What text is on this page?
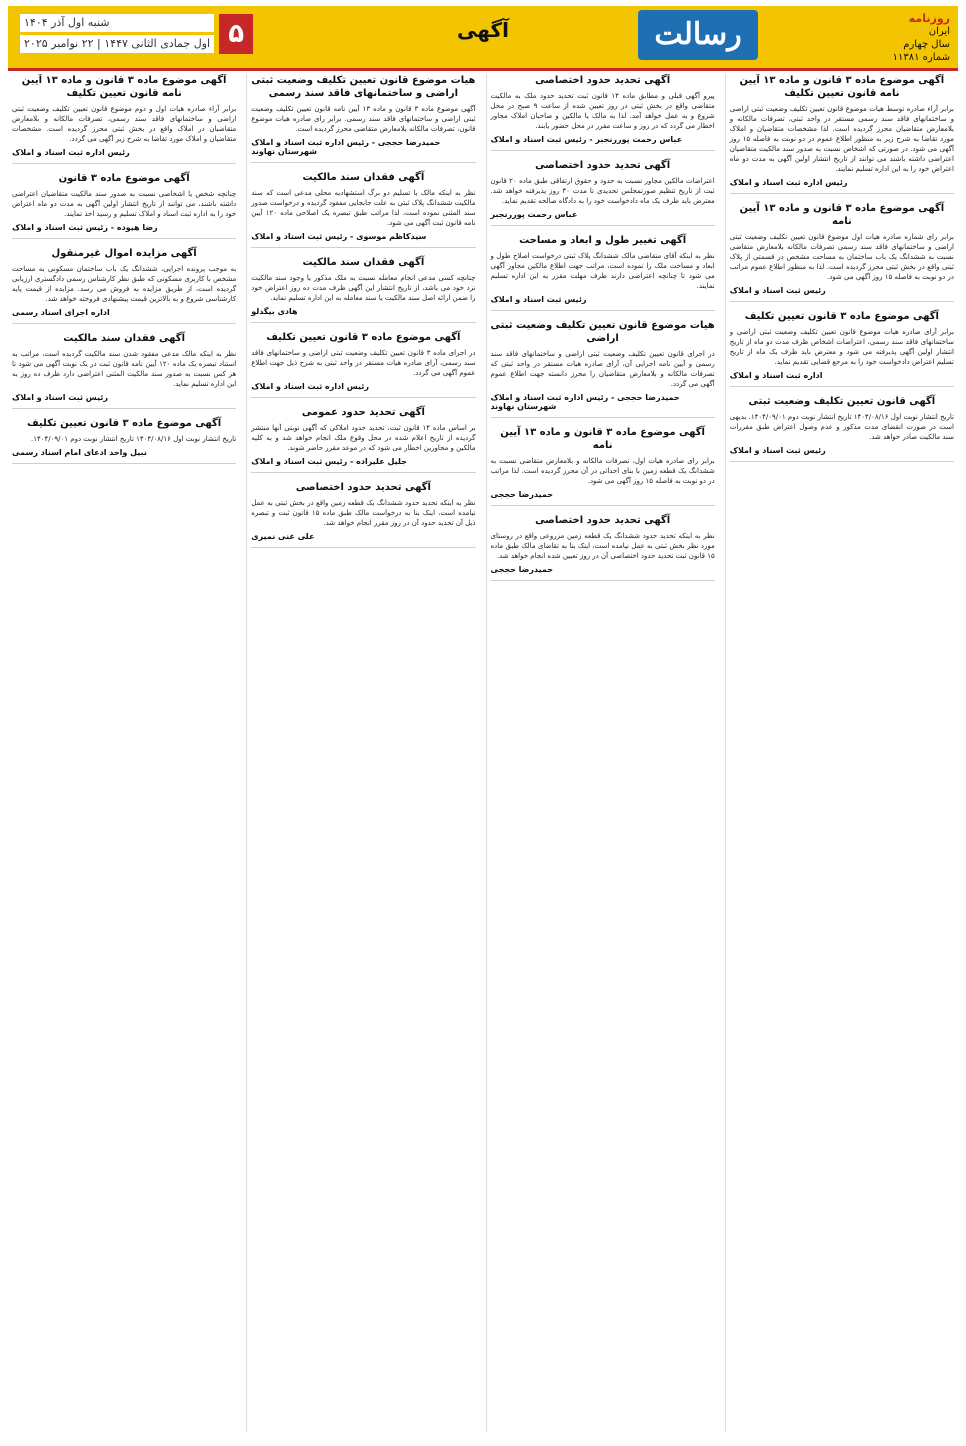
روزنامه
ایران
سال چهارم
شماره ۱۱۳۸۱
رسالت
آگهی
۵
شنبه اول آذر ۱۴۰۴
اول جمادی الثانی ۱۴۴۷ | ۲۲ نوامبر ۲۰۲۵
آگهی موضوع ماده ۳ قانون و ماده ۱۳ آیین نامه قانون تعیین تکلیف

برابر آراء صادره توسط هیات موضوع قانون تعیین تکلیف وضعیت ثبتی اراضی و ساختمانهای فاقد سند رسمی مستقر در واحد ثبتی، تصرفات مالکانه و بلامعارض متقاضیان محرز گردیده است. لذا مشخصات متقاضیان و املاک مورد تقاضا به شرح زیر به منظور اطلاع عموم در دو نوبت به فاصله ۱۵ روز آگهی می شود. در صورتی که اشخاص نسبت به صدور سند مالکیت متقاضیان اعتراضی داشته باشند می توانند از تاریخ انتشار اولین آگهی به مدت دو ماه اعتراض خود را به این اداره تسلیم نمایند.

رئیس اداره ثبت اسناد و املاک
آگهی موضوع ماده ۳ قانون و ماده ۱۳ آیین نامه

برابر رای شماره صادره هیات اول موضوع قانون تعیین تکلیف وضعیت ثبتی اراضی و ساختمانهای فاقد سند رسمی تصرفات مالکانه بلامعارض متقاضی نسبت به ششدانگ یک باب ساختمان به مساحت مشخص در قسمتی از پلاک ثبتی واقع در بخش ثبتی محرز گردیده است. لذا به منظور اطلاع عموم مراتب در دو نوبت به فاصله ۱۵ روز آگهی می شود.

رئیس ثبت اسناد و املاک
آگهی موضوع ماده ۳ قانون تعیین تکلیف

برابر آرای صادره هیات موضوع قانون تعیین تکلیف وضعیت ثبتی اراضی و ساختمانهای فاقد سند رسمی، اعتراضات اشخاص ظرف مدت دو ماه از تاریخ انتشار اولین آگهی پذیرفته می شود و معترض باید ظرف یک ماه از تاریخ تسلیم اعتراض دادخواست خود را به مرجع قضایی تقدیم نماید.

اداره ثبت اسناد و املاک
آگهی قانون تعیین تکلیف وضعیت ثبتی

تاریخ انتشار نوبت اول ۱۴۰۴/۰۸/۱۶ تاریخ انتشار نوبت دوم ۱۴۰۴/۰۹/۰۱. بدیهی است در صورت انقضای مدت مذکور و عدم وصول اعتراض طبق مقررات سند مالکیت صادر خواهد شد.

رئیس ثبت اسناد و املاک
آگهی تحدید حدود اختصاصی

پیرو آگهی قبلی و مطابق ماده ۱۴ قانون ثبت تحدید حدود ملک به مالکیت متقاضی واقع در بخش ثبتی در روز تعیین شده از ساعت ۹ صبح در محل شروع و به عمل خواهد آمد. لذا به مالک یا مالکین و صاحبان املاک مجاور اخطار می گردد که در روز و ساعت مقرر در محل حضور یابند.

عباس رحمت پوررنجبر - رئیس ثبت اسناد و املاک
آگهی تحدید حدود اختصاصی

اعتراضات مالکین مجاور نسبت به حدود و حقوق ارتفاقی طبق ماده ۲۰ قانون ثبت از تاریخ تنظیم صورتمجلس تحدیدی تا مدت ۳۰ روز پذیرفته خواهد شد. معترض باید ظرف یک ماه دادخواست خود را به دادگاه صالحه تقدیم نماید.

عباس رحمت پوررنجبر
آگهی تغییر طول و ابعاد و مساحت

نظر به اینکه آقای متقاضی مالک ششدانگ پلاک ثبتی درخواست اصلاح طول و ابعاد و مساحت ملک را نموده است، مراتب جهت اطلاع مالکین مجاور آگهی می شود تا چنانچه اعتراضی دارند ظرف مهلت مقرر به این اداره تسلیم نمایند.

رئیس ثبت اسناد و املاک
هیات موضوع قانون تعیین تکلیف وضعیت ثبتی اراضی

در اجرای قانون تعیین تکلیف وضعیت ثبتی اراضی و ساختمانهای فاقد سند رسمی و آیین نامه اجرایی آن، آرای صادره هیات مستقر در واحد ثبتی که تصرفات مالکانه و بلامعارض متقاضیان را محرز دانسته جهت اطلاع عموم آگهی می گردد.

حمیدرضا حججی - رئیس اداره ثبت اسناد و املاک شهرستان نهاوند
آگهی موضوع ماده ۳ قانون و ماده ۱۳ آیین نامه

برابر رای صادره هیات اول، تصرفات مالکانه و بلامعارض متقاضی نسبت به ششدانگ یک قطعه زمین با بنای احداثی در آن محرز گردیده است. لذا مراتب در دو نوبت به فاصله ۱۵ روز آگهی می شود.

حمیدرضا حججی
آگهی تحدید حدود اختصاصی

نظر به اینکه تحدید حدود ششدانگ یک قطعه زمین مزروعی واقع در روستای مورد نظر بخش ثبتی به عمل نیامده است، اینک بنا به تقاضای مالک طبق ماده ۱۵ قانون ثبت تحدید حدود اختصاصی آن در روز تعیین شده انجام خواهد شد.

حمیدرضا حججی
هیات موضوع قانون تعیین تکلیف وضعیت ثبتی اراضی و ساختمانهای فاقد سند رسمی

آگهی موضوع ماده ۳ قانون و ماده ۱۳ آیین نامه قانون تعیین تکلیف وضعیت ثبتی اراضی و ساختمانهای فاقد سند رسمی. برابر رای صادره هیات موضوع قانون، تصرفات مالکانه بلامعارض متقاضی محرز گردیده است.

حمیدرضا حججی - رئیس اداره ثبت اسناد و املاک شهرستان نهاوند
آگهی فقدان سند مالکیت

نظر به اینکه مالک با تسلیم دو برگ استشهادیه محلی مدعی است که سند مالکیت ششدانگ پلاک ثبتی به علت جابجایی مفقود گردیده و درخواست صدور سند المثنی نموده است، لذا مراتب طبق تبصره یک اصلاحی ماده ۱۲۰ آیین نامه قانون ثبت آگهی می شود.

سیدکاظم موسوی - رئیس ثبت اسناد و املاک
آگهی فقدان سند مالکیت

چنانچه کسی مدعی انجام معامله نسبت به ملک مذکور یا وجود سند مالکیت نزد خود می باشد، از تاریخ انتشار این آگهی ظرف مدت ده روز اعتراض خود را ضمن ارائه اصل سند مالکیت یا سند معامله به این اداره تسلیم نماید.

هادی بیگدلو
آگهی موضوع ماده ۳ قانون تعیین تکلیف

در اجرای ماده ۳ قانون تعیین تکلیف وضعیت ثبتی اراضی و ساختمانهای فاقد سند رسمی، آرای صادره هیات مستقر در واحد ثبتی به شرح ذیل جهت اطلاع عموم آگهی می گردد.

رئیس اداره ثبت اسناد و املاک
آگهی تحدید حدود عمومی

بر اساس ماده ۱۴ قانون ثبت، تحدید حدود املاکی که آگهی نوبتی آنها منتشر گردیده از تاریخ اعلام شده در محل وقوع ملک انجام خواهد شد و به کلیه مالکین و مجاورین اخطار می شود که در موعد مقرر حاضر شوند.

جلیل علیزاده - رئیس ثبت اسناد و املاک
آگهی تحدید حدود اختصاصی

نظر به اینکه تحدید حدود ششدانگ یک قطعه زمین واقع در بخش ثبتی به عمل نیامده است، اینک بنا به درخواست مالک طبق ماده ۱۵ قانون ثبت و تبصره ذیل آن تحدید حدود آن در روز مقرر انجام خواهد شد.

علی غنی نمیری
آگهی موضوع ماده ۳ قانون و ماده ۱۳ آیین نامه قانون تعیین تکلیف

برابر آراء صادره هیات اول و دوم موضوع قانون تعیین تکلیف وضعیت ثبتی اراضی و ساختمانهای فاقد سند رسمی، تصرفات مالکانه و بلامعارض متقاضیان در املاک واقع در بخش ثبتی محرز گردیده است. مشخصات متقاضیان و املاک مورد تقاضا به شرح زیر آگهی می گردد.

رئیس اداره ثبت اسناد و املاک
آگهی موضوع ماده ۳ قانون

چنانچه شخص یا اشخاصی نسبت به صدور سند مالکیت متقاضیان اعتراضی داشته باشند، می توانند از تاریخ انتشار اولین آگهی به مدت دو ماه اعتراض خود را به اداره ثبت اسناد و املاک تسلیم و رسید اخذ نمایند.

رضا هیوده - رئیس ثبت اسناد و املاک
آگهی مزایده اموال غیرمنقول

به موجب پرونده اجرایی، ششدانگ یک باب ساختمان مسکونی به مساحت مشخص با کاربری مسکونی که طبق نظر کارشناس رسمی دادگستری ارزیابی گردیده است، از طریق مزایده به فروش می رسد. مزایده از قیمت پایه کارشناسی شروع و به بالاترین قیمت پیشنهادی فروخته خواهد شد.

اداره اجرای اسناد رسمی
آگهی فقدان سند مالکیت

نظر به اینکه مالک مدعی مفقود شدن سند مالکیت گردیده است، مراتب به استناد تبصره یک ماده ۱۲۰ آیین نامه قانون ثبت در یک نوبت آگهی می شود تا هر کس نسبت به صدور سند مالکیت المثنی اعتراضی دارد ظرف ده روز به این اداره تسلیم نماید.

رئیس ثبت اسناد و املاک
آگهی موضوع ماده ۳ قانون تعیین تکلیف

تاریخ انتشار نوبت اول ۱۴۰۴/۰۸/۱۶ تاریخ انتشار نوبت دوم ۱۴۰۴/۰۹/۰۱.

نبیل واحد ادعای امام اسناد رسمی
